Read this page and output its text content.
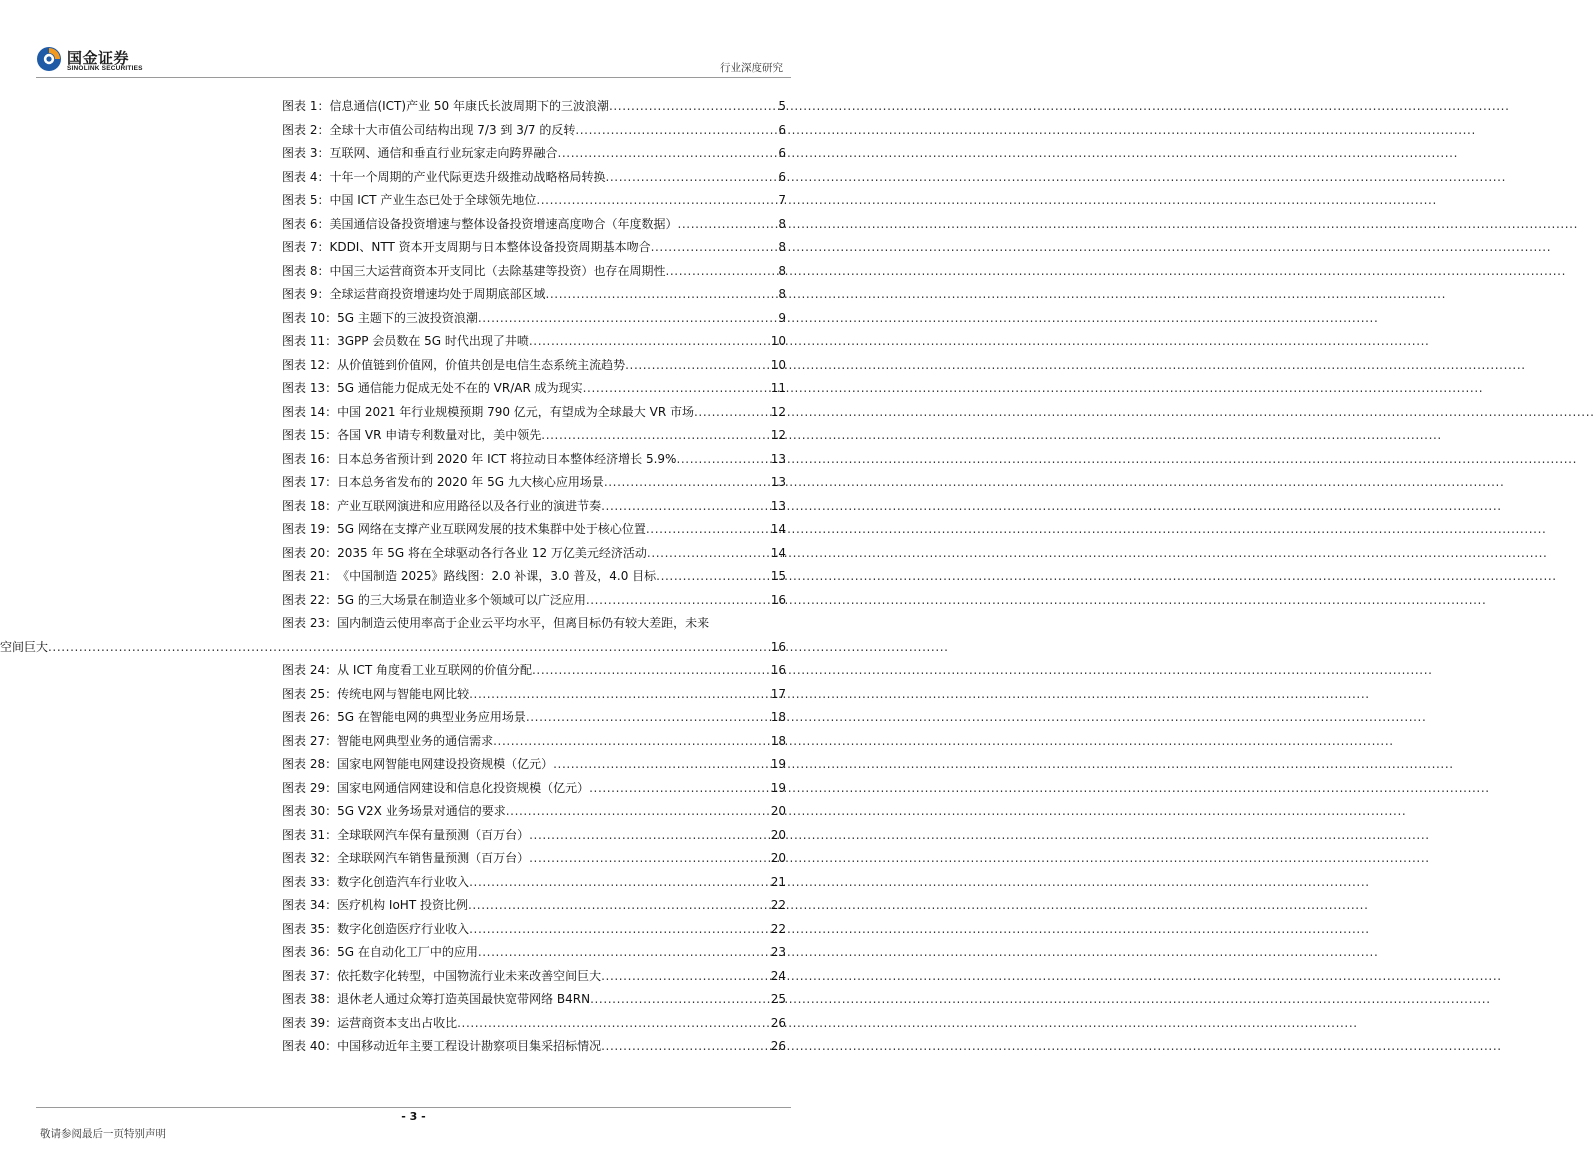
国金证券
SINOLINK SECURITIES	行业深度研究
图表 1： 信息通信(ICT)产业 50 年康氏长波周期下的三波浪潮 .....	5
图表 2： 全球十大市值公司结构出现 7/3 到 3/7 的反转 .....	6
图表 3： 互联网、通信和垂直行业玩家走向跨界融合 .....	6
图表 4： 十年一个周期的产业代际更迭升级推动战略格局转换 .....	6
图表 5： 中国 ICT 产业生态已处于全球领先地位 .....	7
图表 6： 美国通信设备投资增速与整体设备投资增速高度吻合（年度数据） .....	8
图表 7： KDDI、NTT 资本开支周期与日本整体设备投资周期基本吻合 .....	8
图表 8： 中国三大运营商资本开支同比（去除基建等投资）也存在周期性 .....	8
图表 9： 全球运营商投资增速均处于周期底部区域 .....	8
图表 10： 5G 主题下的三波投资浪潮 .....	9
图表 11： 3GPP 会员数在 5G 时代出现了井喷 .....	10
图表 12： 从价值链到价值网，价值共创是电信生态系统主流趋势 .....	10
图表 13： 5G 通信能力促成无处不在的 VR/AR 成为现实 .....	11
图表 14： 中国 2021 年行业规模预期 790 亿元，有望成为全球最大 VR 市场 .....	12
图表 15： 各国 VR 申请专利数量对比，美中领先 .....	12
图表 16： 日本总务省预计到 2020 年 ICT 将拉动日本整体经济增长 5.9% .....	13
图表 17： 日本总务省发布的 2020 年 5G 九大核心应用场景 .....	13
图表 18： 产业互联网演进和应用路径以及各行业的演进节奏 .....	13
图表 19： 5G 网络在支撑产业互联网发展的技术集群中处于核心位置 .....	14
图表 20： 2035 年 5G 将在全球驱动各行各业 12 万亿美元经济活动 .....	14
图表 21： 《中国制造 2025》路线图：2.0 补课，3.0 普及，4.0 目标 .....	15
图表 22： 5G 的三大场景在制造业多个领域可以广泛应用 .....	16
图表 23： 国内制造云使用率高于企业云平均水平，但离目标仍有较大差距，未来
空间巨大 .....	16
图表 24： 从 ICT 角度看工业互联网的价值分配 .....	16
图表 25： 传统电网与智能电网比较 .....	17
图表 26： 5G 在智能电网的典型业务应用场景 .....	18
图表 27： 智能电网典型业务的通信需求 .....	18
图表 28： 国家电网智能电网建设投资规模（亿元） .....	19
图表 29： 国家电网通信网建设和信息化投资规模（亿元） .....	19
图表 30： 5G V2X 业务场景对通信的要求 .....	20
图表 31： 全球联网汽车保有量预测（百万台） .....	20
图表 32： 全球联网汽车销售量预测（百万台） .....	20
图表 33： 数字化创造汽车行业收入 .....	21
图表 34： 医疗机构 IoHT 投资比例 .....	22
图表 35： 数字化创造医疗行业收入 .....	22
图表 36： 5G 在自动化工厂中的应用 .....	23
图表 37： 依托数字化转型，中国物流行业未来改善空间巨大 .....	24
图表 38： 退休老人通过众筹打造英国最快宽带网络 B4RN .....	25
图表 39： 运营商资本支出占收比 .....	26
图表 40： 中国移动近年主要工程设计勘察项目集采招标情况 .....	26
- 3 -
敬请参阅最后一页特别声明
